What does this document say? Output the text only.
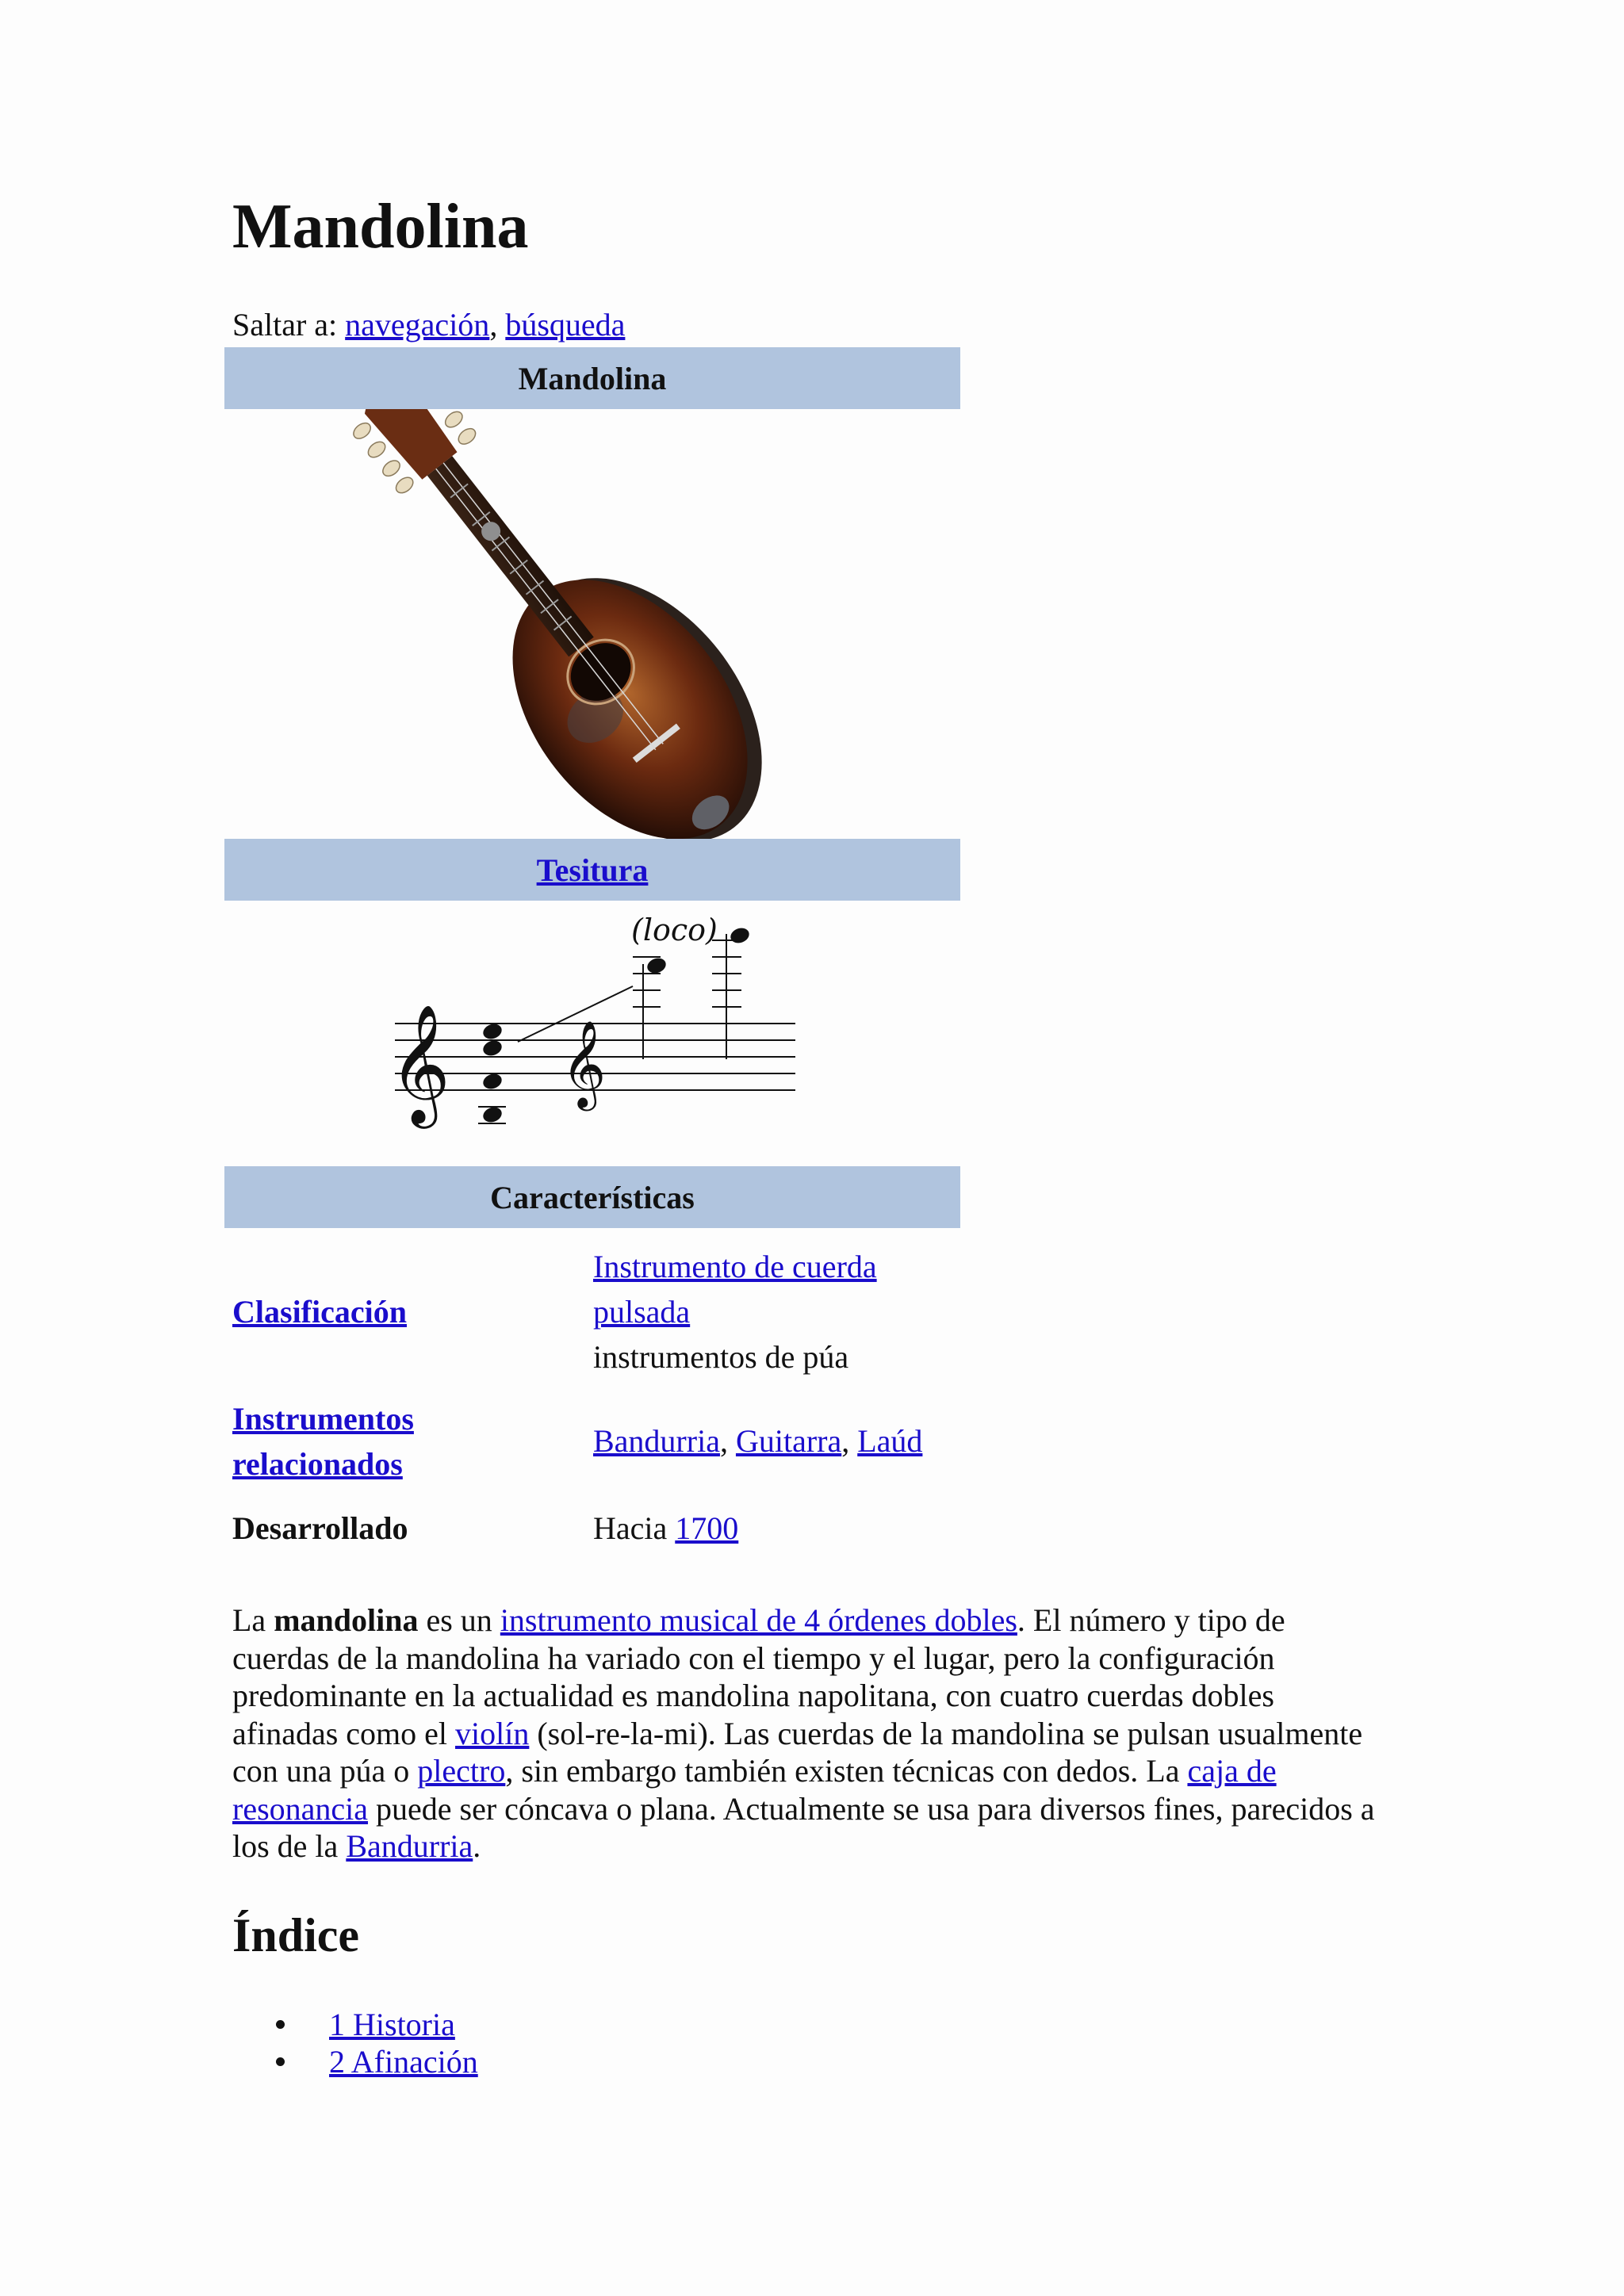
Mandolina
Saltar a: navegación, búsqueda
Mandolina
Tesitura
𝄞 𝄞
(loco)
Características
Clasificación
Instrumento de cuerda
pulsada
instrumentos de púa
Instrumentos
relacionados
Bandurria, Guitarra, Laúd
Desarrollado	Hacia 1700

La mandolina es un instrumento musical de 4 órdenes dobles. El número y tipo de cuerdas de la mandolina ha variado con el tiempo y el lugar, pero la configuración predominante en la actualidad es mandolina napolitana, con cuatro cuerdas dobles afinadas como el violín (sol-re-la-mi). Las cuerdas de la mandolina se pulsan usualmente con una púa o plectro, sin embargo también existen técnicas con dedos. La caja de resonancia puede ser cóncava o plana. Actualmente se usa para diversos fines, parecidos a los de la Bandurria.

Índice
1 Historia
2 Afinación
